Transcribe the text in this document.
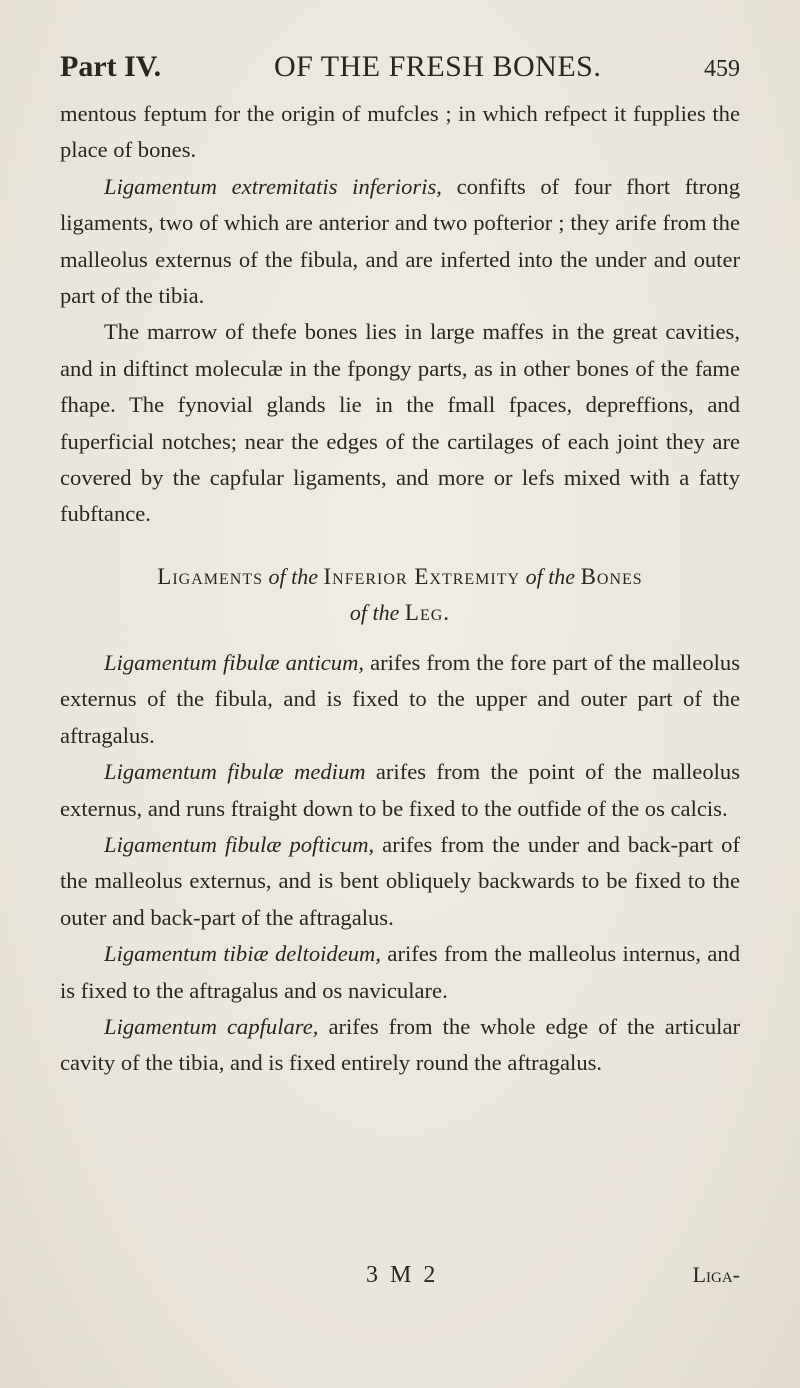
Part IV.	OF THE FRESH BONES.	459

mentous feptum for the origin of mufcles ; in which refpect it fupplies the place of bones.

Ligamentum extremitatis inferioris, confifts of four fhort ftrong ligaments, two of which are anterior and two pofterior ; they arife from the malleolus externus of the fibula, and are inferted into the under and outer part of the tibia.

The marrow of thefe bones lies in large maffes in the great cavities, and in diftinct moleculæ in the fpongy parts, as in other bones of the fame fhape. The fynovial glands lie in the fmall fpaces, depreffions, and fuperficial notches; near the edges of the cartilages of each joint they are covered by the capfular ligaments, and more or lefs mixed with a fatty fubftance.

Ligaments of the Inferior Extremity of the Bones
of the Leg.

Ligamentum fibulæ anticum, arifes from the fore part of the malleolus externus of the fibula, and is fixed to the upper and outer part of the aftragalus.

Ligamentum fibulæ medium arifes from the point of the malleolus externus, and runs ftraight down to be fixed to the outfide of the os calcis.

Ligamentum fibulæ pofticum, arifes from the under and back-part of the malleolus externus, and is bent obliquely backwards to be fixed to the outer and back-part of the aftragalus.

Ligamentum tibiæ deltoideum, arifes from the malleolus internus, and is fixed to the aftragalus and os naviculare.

Ligamentum capfulare, arifes from the whole edge of the articular cavity of the tibia, and is fixed entirely round the aftragalus.

3 M 2	Liga-
